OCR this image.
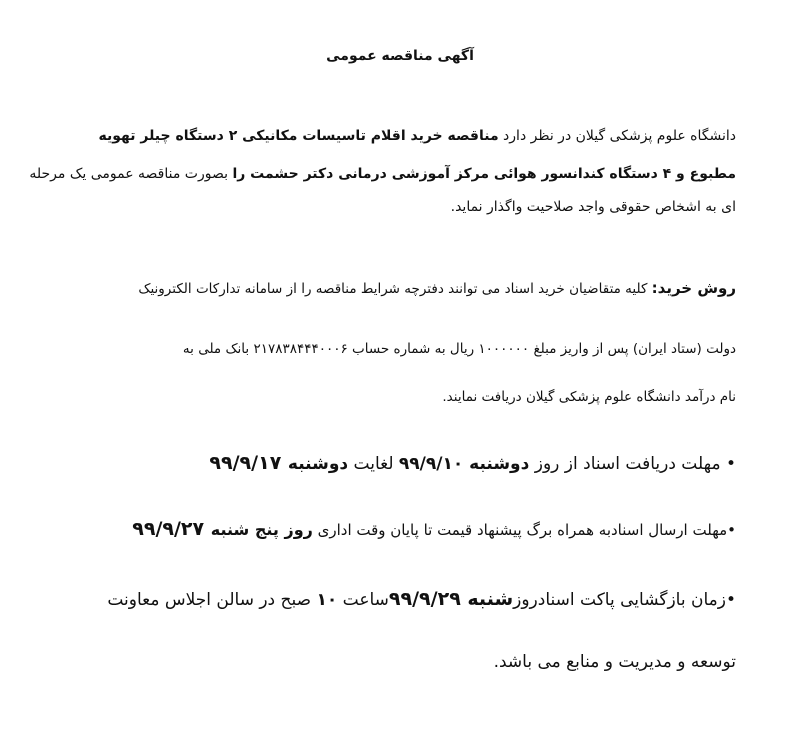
آگهی مناقصه عمومی
دانشگاه علوم پزشکی گیلان در نظر دارد مناقصه خرید اقلام تاسیسات مکانیکی ۲ دستگاه چیلر تهویه
مطبوع و ۴ دستگاه کندانسور هوائی مرکز آموزشی درمانی دکتر حشمت را بصورت مناقصه عمومی یک مرحله
ای به اشخاص حقوقی واجد صلاحیت واگذار نماید.
روش خرید: کلیه متقاضیان خرید اسناد می توانند دفترچه شرایط مناقصه را از سامانه تدارکات الکترونیک
دولت (ستاد ایران) پس از واریز مبلغ ۱۰۰۰۰۰۰ ریال به شماره حساب ۲۱۷۸۳۸۴۴۴۰۰۰۶ بانک ملی به
نام درآمد دانشگاه علوم پزشکی گیلان دریافت نمایند.
• مهلت دریافت اسناد از روز دوشنبه ۹۹/۹/۱۰ لغایت دوشنبه ۹۹/۹/۱۷
•مهلت ارسال اسنادبه همراه برگ پیشنهاد قیمت تا پایان وقت اداری روز پنج شنبه ۹۹/۹/۲۷
•زمان بازگشایی پاکت اسنادروزشنبه ۹۹/۹/۲۹ساعت ۱۰ صبح در سالن اجلاس معاونت
توسعه و مدیریت و منابع می باشد.
